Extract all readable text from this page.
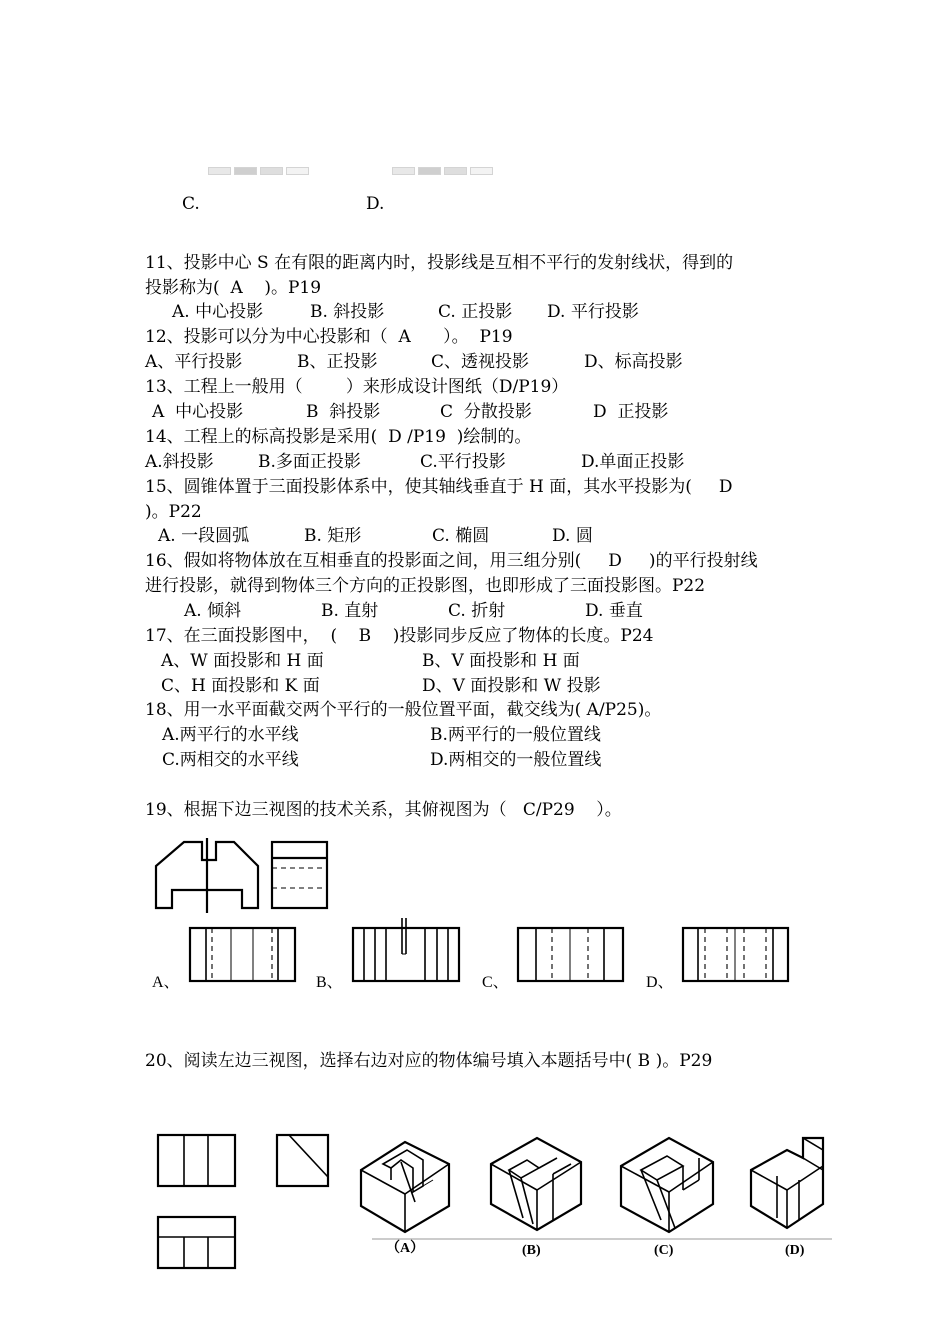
C.	D.
11、投影中心 S 在有限的距离内时，投影线是互相不平行的发射线状，得到的
投影称为(  A    )。P19
A. 中心投影	B. 斜投影	C. 正投影 D. 平行投影
12、投影可以分为中心投影和（  A      ）。  P19
A、平行投影	B、正投影	C、透视投影	D、标高投影
13、工程上一般用（        ）来形成设计图纸（D/P19）
A  中心投影	B  斜投影	C  分散投影	D  正投影
14、工程上的标高投影是采用(  D /P19  )绘制的。
A.斜投影	B.多面正投影	C.平行投影	D.单面正投影
15、圆锥体置于三面投影体系中，使其轴线垂直于 H 面，其水平投影为(     D
)。P22
A. 一段圆弧	B. 矩形	C. 椭圆	D. 圆
16、假如将物体放在互相垂直的投影面之间，用三组分别(     D     )的平行投射线
进行投影，就得到物体三个方向的正投影图，也即形成了三面投影图。P22
A. 倾斜	B. 直射	C. 折射	D. 垂直
17、在三面投影图中，  (    B    )投影同步反应了物体的长度。P24
A、W 面投影和 H 面	B、V 面投影和 H 面
C、H 面投影和 K 面	D、V 面投影和 W 投影
18、用一水平面截交两个平行的一般位置平面，截交线为( A/P25)。
A.两平行的水平线	B.两平行的一般位置线
C.两相交的水平线	D.两相交的一般位置线
19、根据下边三视图的技术关系，其俯视图为（   C/P29    ）。
A、	B、	C、	D、
20、阅读左边三视图，选择右边对应的物体编号填入本题括号中( B )。P29
（A）	(B)	(C)	(D)
